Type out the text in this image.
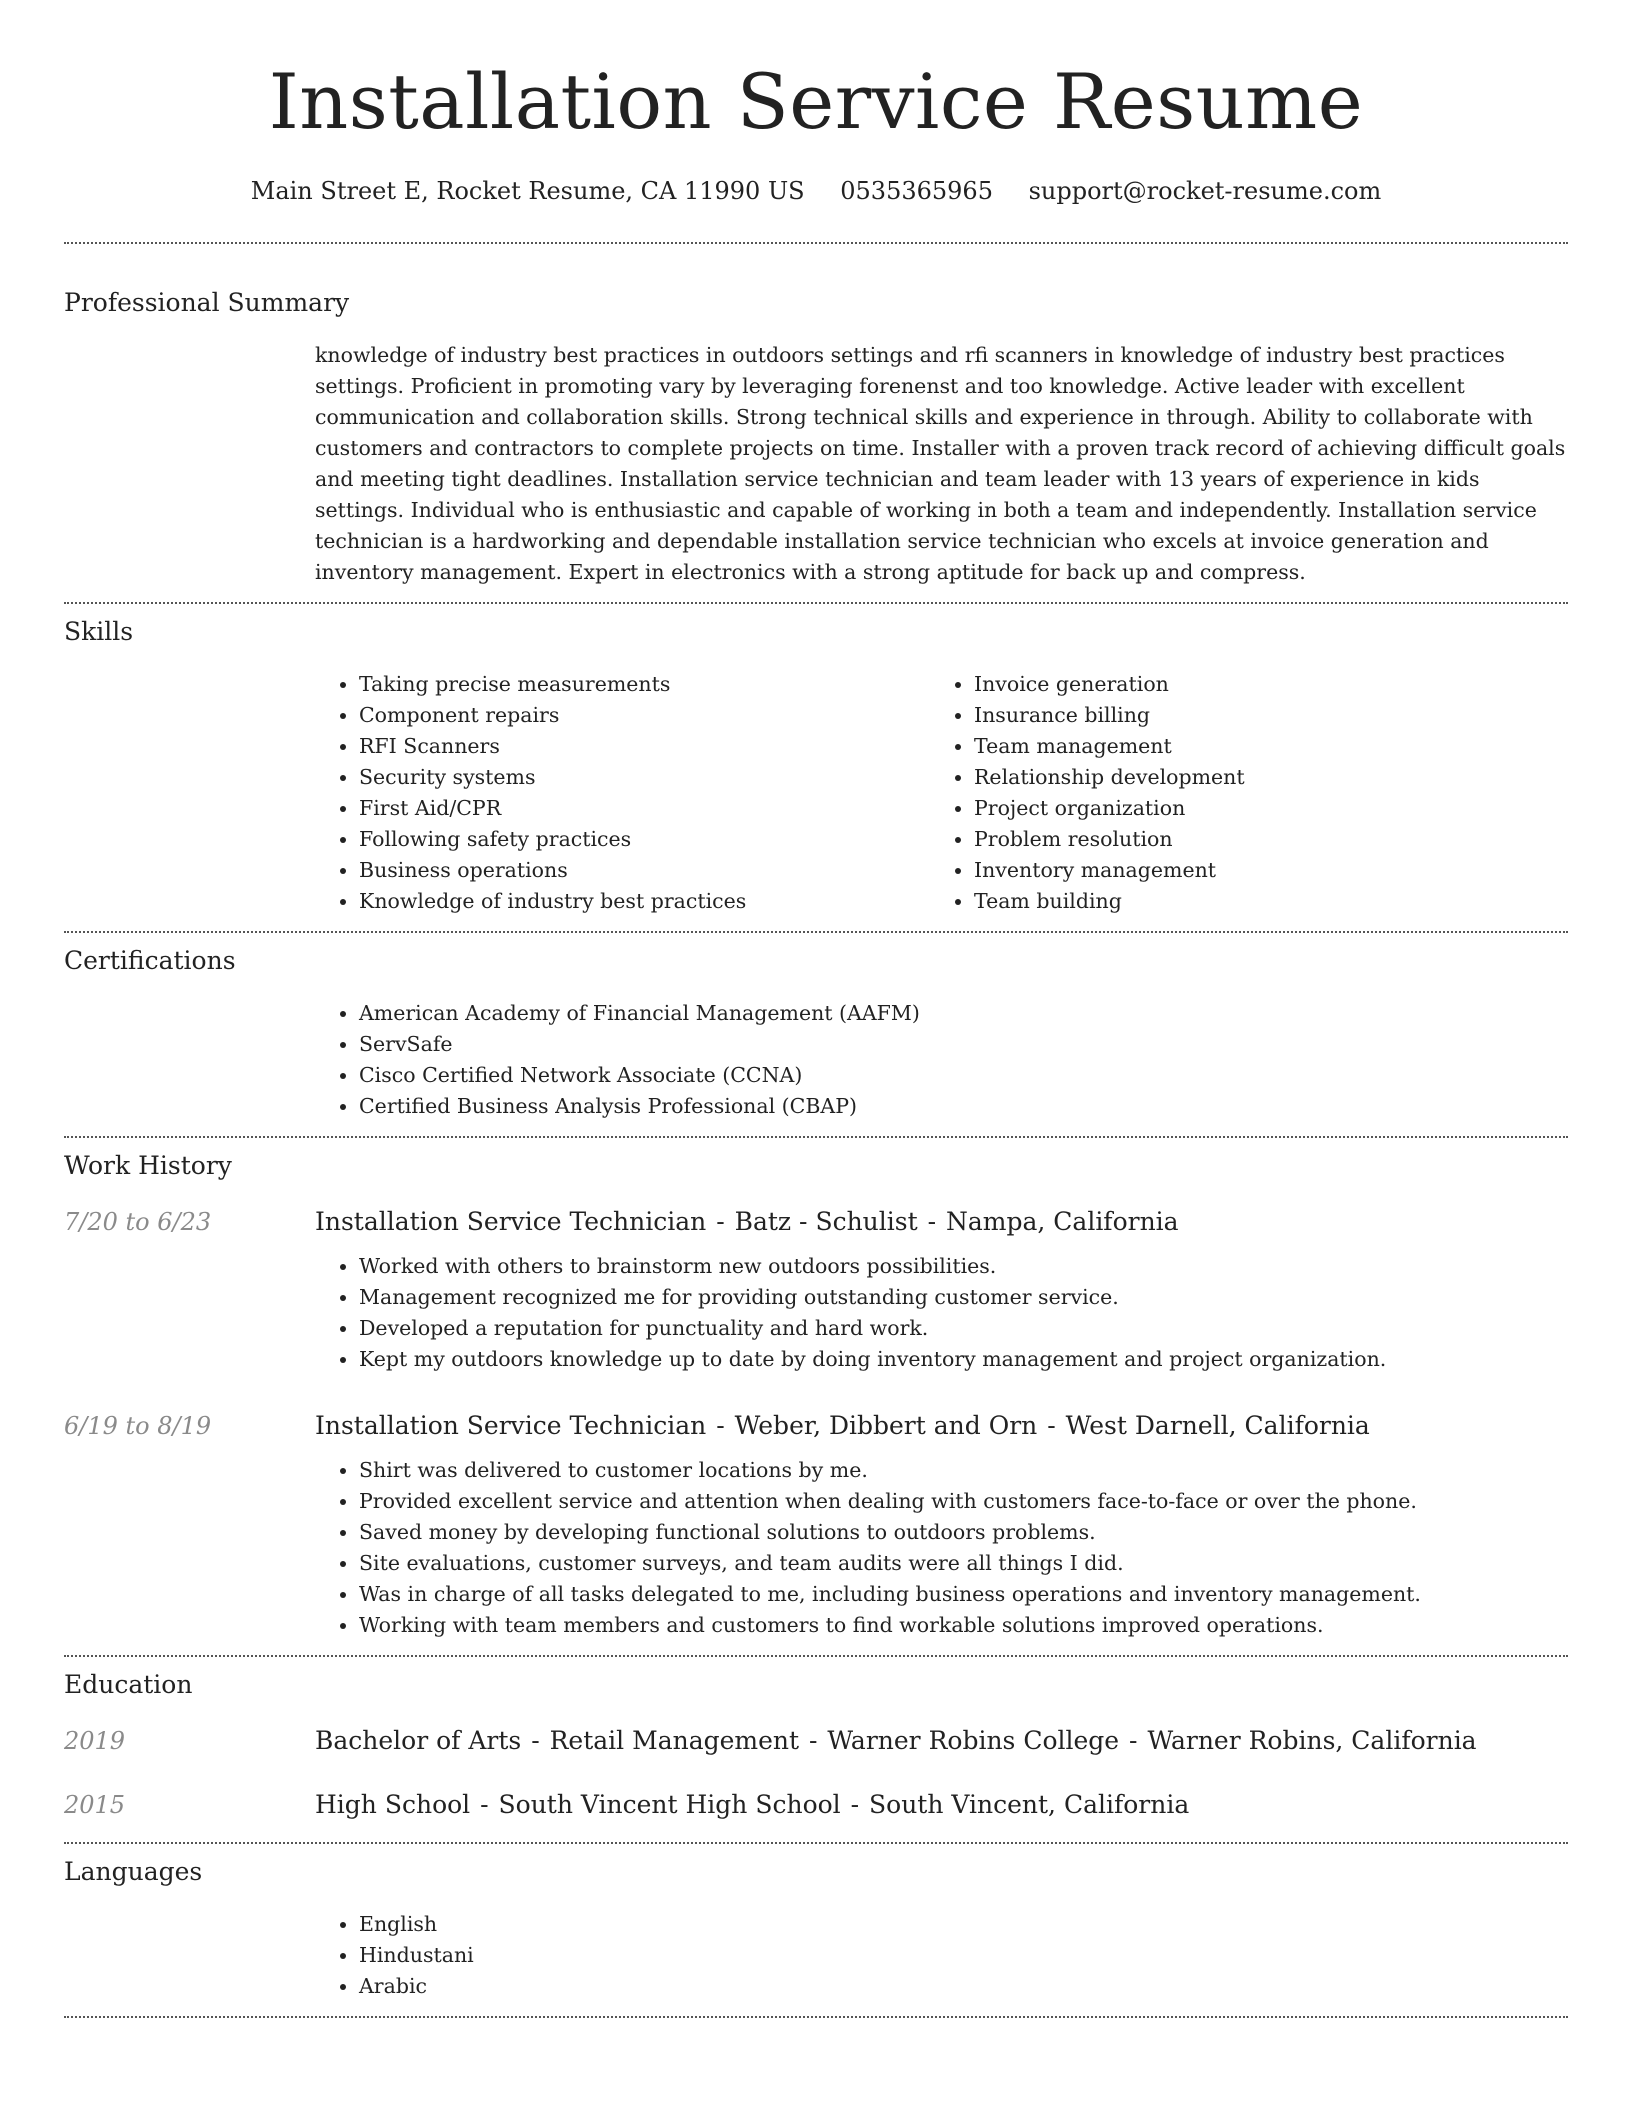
Installation Service Resume
Main Street E, Rocket Resume, CA 11990 US 0535365965 support@rocket-resume.com
Professional Summary

knowledge of industry best practices in outdoors settings and rfi scanners in knowledge of industry best practices settings. Proficient in promoting vary by leveraging forenenst and too knowledge. Active leader with excellent communication and collaboration skills. Strong technical skills and experience in through. Ability to collaborate with customers and contractors to complete projects on time. Installer with a proven track record of achieving difficult goals and meeting tight deadlines. Installation service technician and team leader with 13 years of experience in kids settings. Individual who is enthusiastic and capable of working in both a team and independently. Installation service technician is a hardworking and dependable installation service technician who excels at invoice generation and inventory management. Expert in electronics with a strong aptitude for back up and compress.

Skills
• Taking precise measurements
• Component repairs
• RFI Scanners
• Security systems
• First Aid/CPR
• Following safety practices
• Business operations
• Knowledge of industry best practices
• Invoice generation
• Insurance billing
• Team management
• Relationship development
• Project organization
• Problem resolution
• Inventory management
• Team building
Certifications
• American Academy of Financial Management (AAFM)
• ServSafe
• Cisco Certified Network Associate (CCNA)
• Certified Business Analysis Professional (CBAP)
Work History
7/20 to 6/23	Installation Service Technician - Batz - Schulist - Nampa, California
• Worked with others to brainstorm new outdoors possibilities.
• Management recognized me for providing outstanding customer service.
• Developed a reputation for punctuality and hard work.
• Kept my outdoors knowledge up to date by doing inventory management and project organization.
6/19 to 8/19	Installation Service Technician - Weber, Dibbert and Orn - West Darnell, California
• Shirt was delivered to customer locations by me.
• Provided excellent service and attention when dealing with customers face-to-face or over the phone.
• Saved money by developing functional solutions to outdoors problems.
• Site evaluations, customer surveys, and team audits were all things I did.
• Was in charge of all tasks delegated to me, including business operations and inventory management.
• Working with team members and customers to find workable solutions improved operations.
Education
2019	Bachelor of Arts - Retail Management - Warner Robins College - Warner Robins, California
2015	High School - South Vincent High School - South Vincent, California
Languages
• English
• Hindustani
• Arabic
